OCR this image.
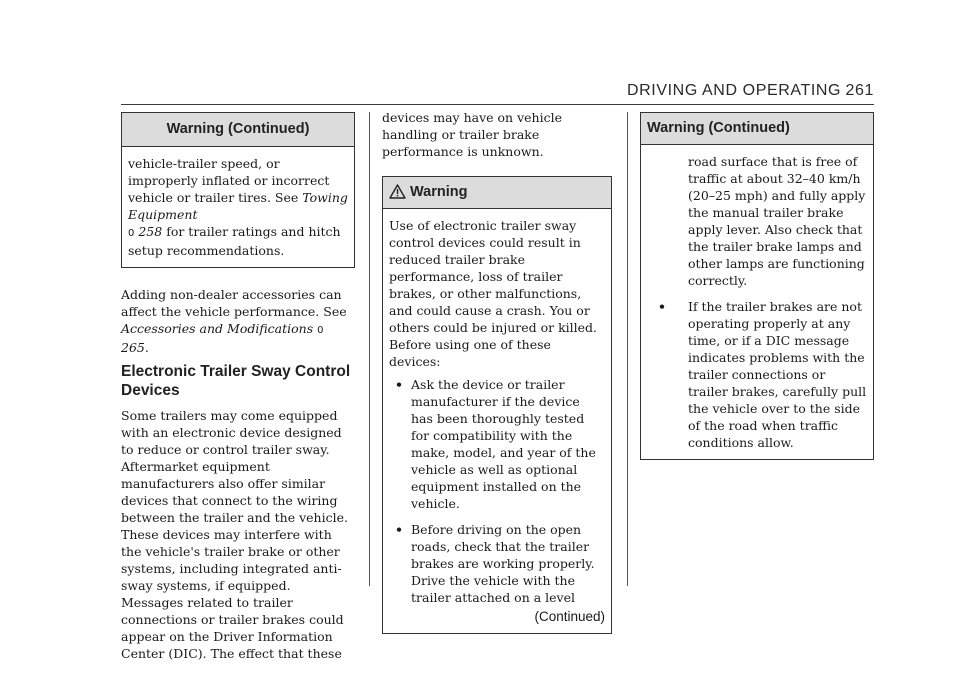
DRIVING AND OPERATING 261
Warning (Continued)

vehicle-trailer speed, or improperly inflated or incorrect vehicle or trailer tires. See Towing Equipment
0 258 for trailer ratings and hitch setup recommendations.

Adding non-dealer accessories can affect the vehicle performance. See Accessories and Modifications 0 265.

Electronic Trailer Sway Control Devices

Some trailers may come equipped with an electronic device designed to reduce or control trailer sway. Aftermarket equipment manufacturers also offer similar devices that connect to the wiring between the trailer and the vehicle. These devices may interfere with the vehicle's trailer brake or other systems, including integrated anti-sway systems, if equipped. Messages related to trailer connections or trailer brakes could appear on the Driver Information Center (DIC). The effect that these

devices may have on vehicle handling or trailer brake performance is unknown.

Warning

Use of electronic trailer sway control devices could result in reduced trailer brake performance, loss of trailer brakes, or other malfunctions, and could cause a crash. You or others could be injured or killed. Before using one of these devices:

• Ask the device or trailer manufacturer if the device has been thoroughly tested for compatibility with the make, model, and year of the vehicle as well as optional equipment installed on the vehicle.
• Before driving on the open roads, check that the trailer brakes are working properly. Drive the vehicle with the trailer attached on a level
(Continued)
Warning (Continued)

road surface that is free of traffic at about 32–40 km/h (20–25 mph) and fully apply the manual trailer brake apply lever. Also check that the trailer brake lamps and other lamps are functioning correctly.

• If the trailer brakes are not operating properly at any time, or if a DIC message indicates problems with the trailer connections or trailer brakes, carefully pull the vehicle over to the side of the road when traffic conditions allow.
